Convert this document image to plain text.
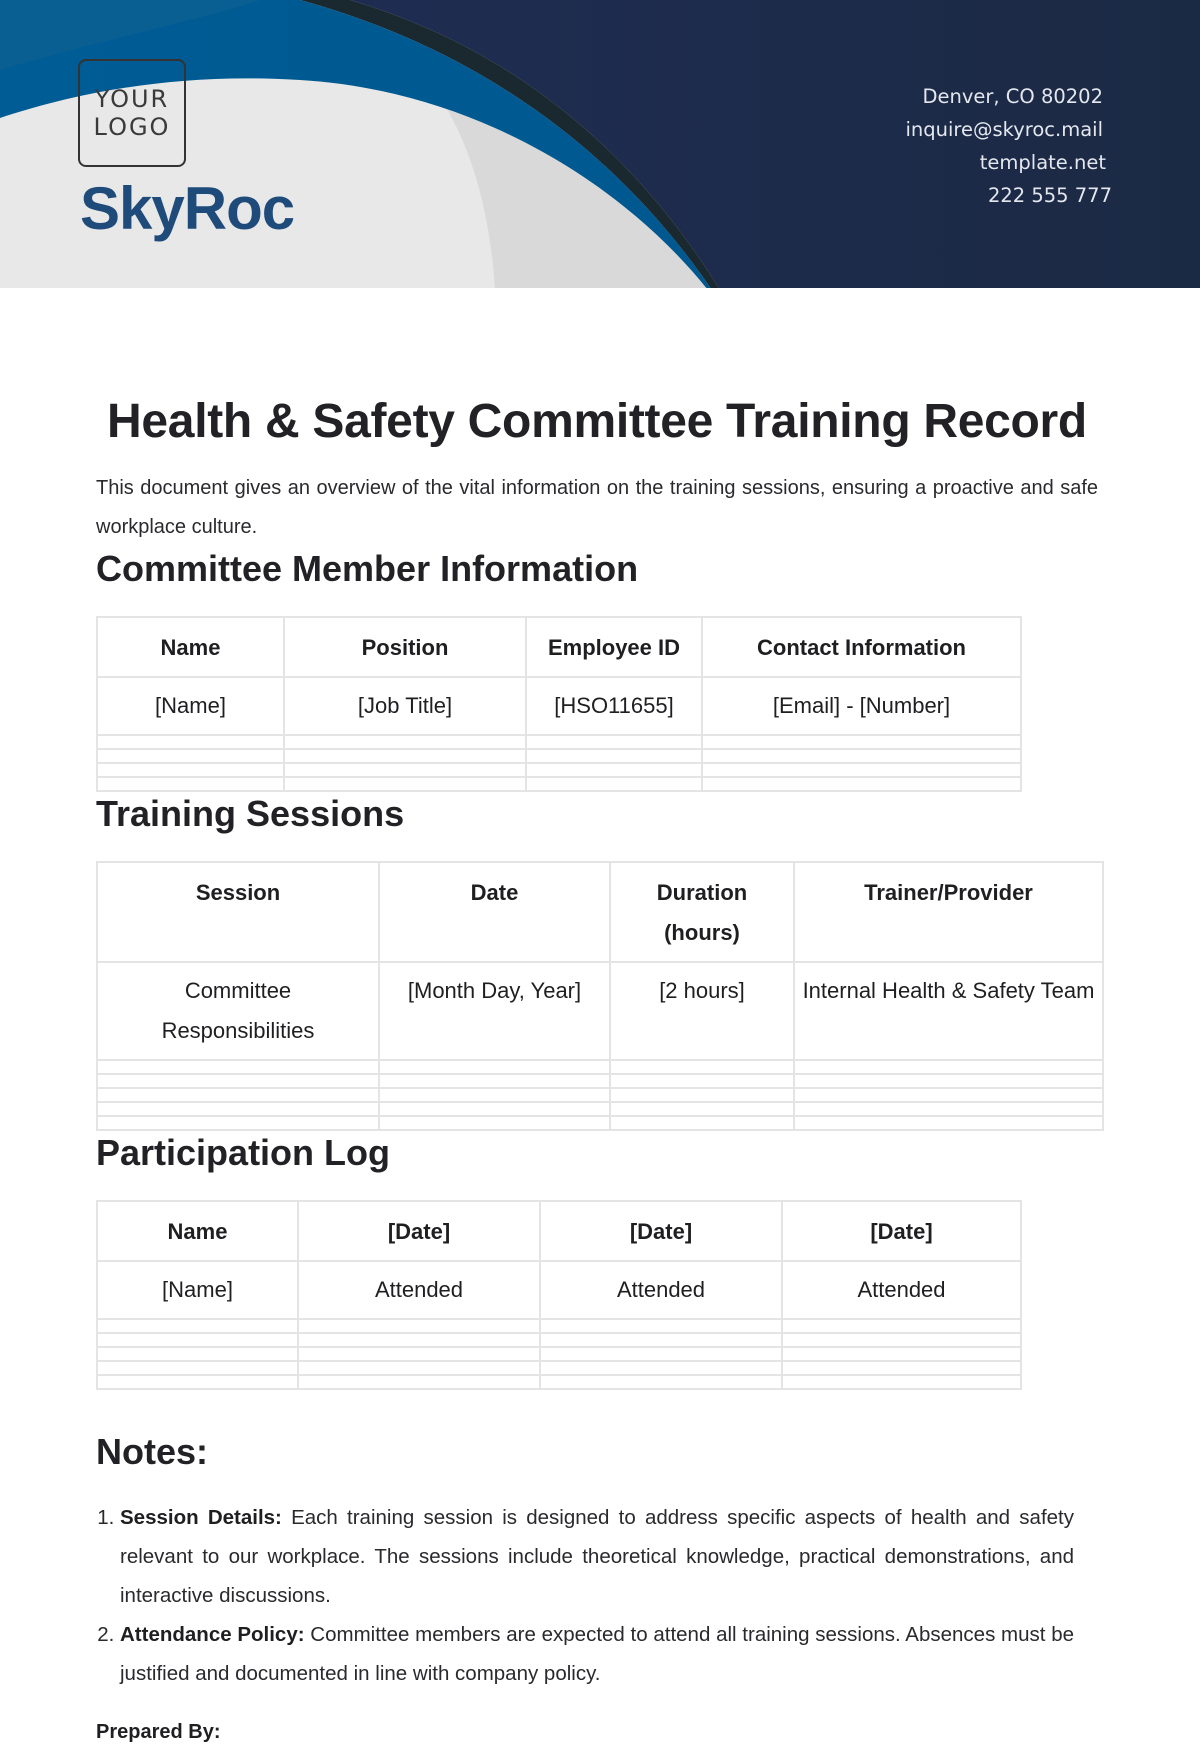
YOUR
LOGO
SkyRoc
Denver, CO 80202
inquire@skyroc.mail
template.net
222 555 777
Health & Safety Committee Training Record

This document gives an overview of the vital information on the training sessions, ensuring a proactive and safe workplace culture.

Committee Member Information
Name	Position	Employee ID	Contact Information
[Name]	[Job Title]	[HSO11655]	[Email] - [Number]

Training Sessions
Session	Date	Duration (hours)	Trainer/Provider
Committee Responsibilities	[Month Day, Year]	[2 hours]	Internal Health & Safety Team

Participation Log
Name	[Date]	[Date]	[Date]
[Name]	Attended	Attended	Attended

Notes:
1. Session Details: Each training session is designed to address specific aspects of health and safety relevant to our workplace. The sessions include theoretical knowledge, practical demonstrations, and interactive discussions.
2. Attendance Policy: Committee members are expected to attend all training sessions. Absences must be justified and documented in line with company policy.
Prepared By:
